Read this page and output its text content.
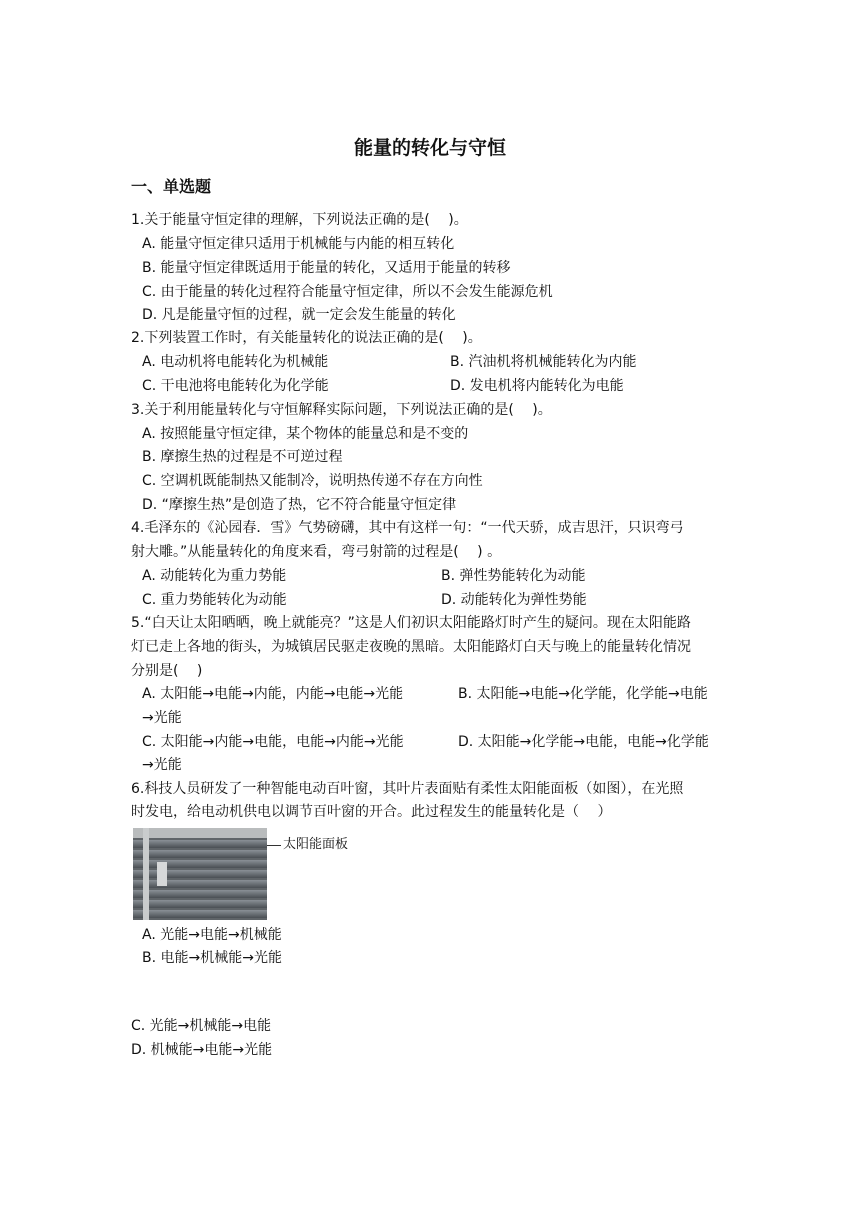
能量的转化与守恒
一、单选题
1.关于能量守恒定律的理解，下列说法正确的是(　 )。
A. 能量守恒定律只适用于机械能与内能的相互转化
B. 能量守恒定律既适用于能量的转化，又适用于能量的转移
C. 由于能量的转化过程符合能量守恒定律，所以不会发生能源危机
D. 凡是能量守恒的过程，就一定会发生能量的转化
2.下列装置工作时，有关能量转化的说法正确的是(　 )。
A. 电动机将电能转化为机械能	B. 汽油机将机械能转化为内能
C. 干电池将电能转化为化学能	D. 发电机将内能转化为电能
3.关于利用能量转化与守恒解释实际问题，下列说法正确的是(　 )。
A. 按照能量守恒定律，某个物体的能量总和是不变的
B. 摩擦生热的过程是不可逆过程
C. 空调机既能制热又能制冷，说明热传递不存在方向性
D. “摩擦生热”是创造了热，它不符合能量守恒定律
4.毛泽东的《沁园春．雪》气势磅礴，其中有这样一句：“一代天骄，成吉思汗，只识弯弓
射大雕。”从能量转化的角度来看，弯弓射箭的过程是(　 ) 。
A. 动能转化为重力势能	B. 弹性势能转化为动能
C. 重力势能转化为动能	D. 动能转化为弹性势能
5.“白天让太阳晒晒，晚上就能亮？”这是人们初识太阳能路灯时产生的疑问。现在太阳能路
灯已走上各地的街头，为城镇居民驱走夜晚的黑暗。太阳能路灯白天与晚上的能量转化情况
分别是(　 )
A. 太阳能→电能→内能，内能→电能→光能	B. 太阳能→电能→化学能，化学能→电能
→光能
C. 太阳能→内能→电能，电能→内能→光能	D. 太阳能→化学能→电能，电能→化学能
→光能
6.科技人员研发了一种智能电动百叶窗，其叶片表面贴有柔性太阳能面板（如图），在光照
时发电，给电动机供电以调节百叶窗的开合。此过程发生的能量转化是（　 ）
太阳能面板
A. 光能→电能→机械能
B. 电能→机械能→光能
C. 光能→机械能→电能
D. 机械能→电能→光能
